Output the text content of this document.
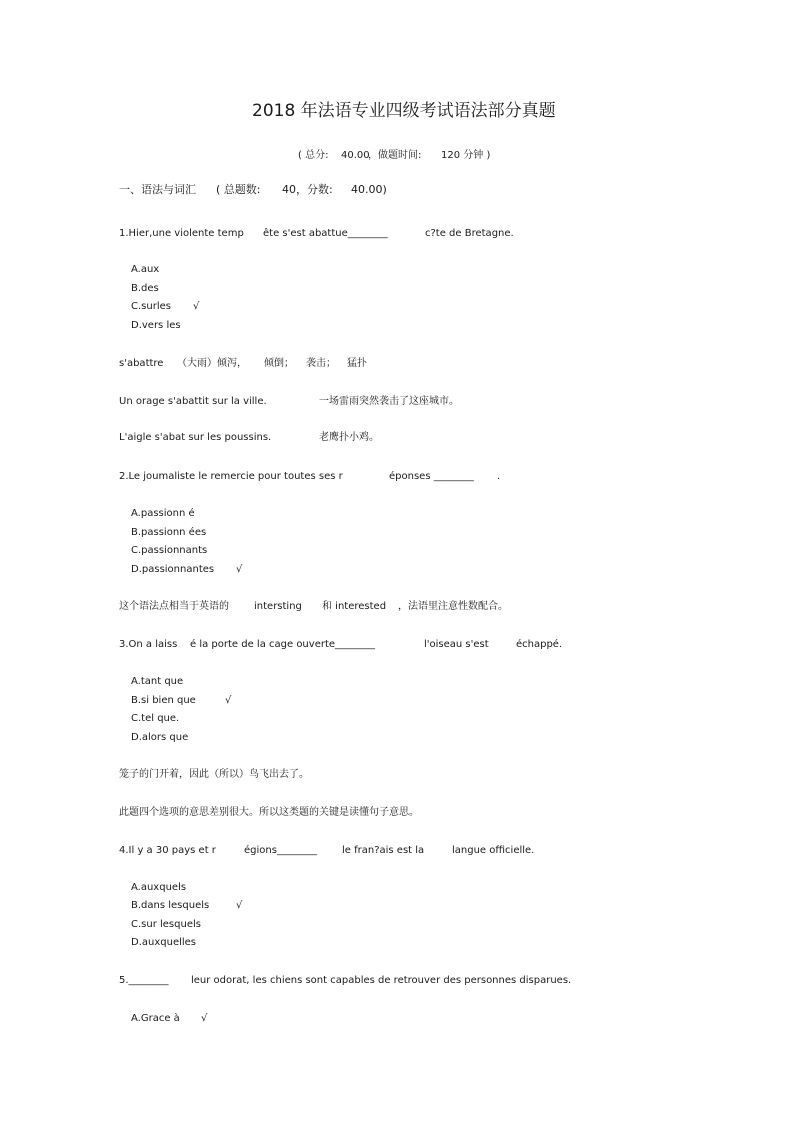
2018 年法语专业四级考试语法部分真题
( 总分: 40.00
，做题时间: 120 分钟 )
一、语法与词汇 ( 总题数: 40，分数: 40.00)
1.Hier,une violente temp ête s'est abattue________	c?te de Bretagne.
A.aux
B.des
C.surles √
D.vers les
s'abattre （大雨）倾泻， 倾倒； 袭击； 猛扑
Un orage s'abattit sur la ville.	一场雷雨突然袭击了这座城市。
L'aigle s'abat sur les poussins.	老鹰扑小鸡。
2.Le joumaliste le remercie pour toutes ses r	éponses ________ .
A.passionn é
B.passionn ées
C.passionnants
D.passionnantes √
这个语法点相当于英语的	intersting 和 interested ，法语里注意性数配合。
3.On a laiss é la porte de la cage ouverte________	l'oiseau s'est	échappé.
A.tant que
B.si bien que	√
C.tel que.
D.alors que
笼子的门开着，因此（所以）鸟飞出去了。
此题四个选项的意思差别很大。所以这类题的关键是读懂句子意思。
4.Il y a 30 pays et r	égions________	le fran?ais est la	langue officielle.
A.auxquels
B.dans lesquels	√
C.sur lesquels
D.auxquelles
5.________ leur odorat, les chiens sont capables de retrouver des personnes disparues.
A.Grace à √
